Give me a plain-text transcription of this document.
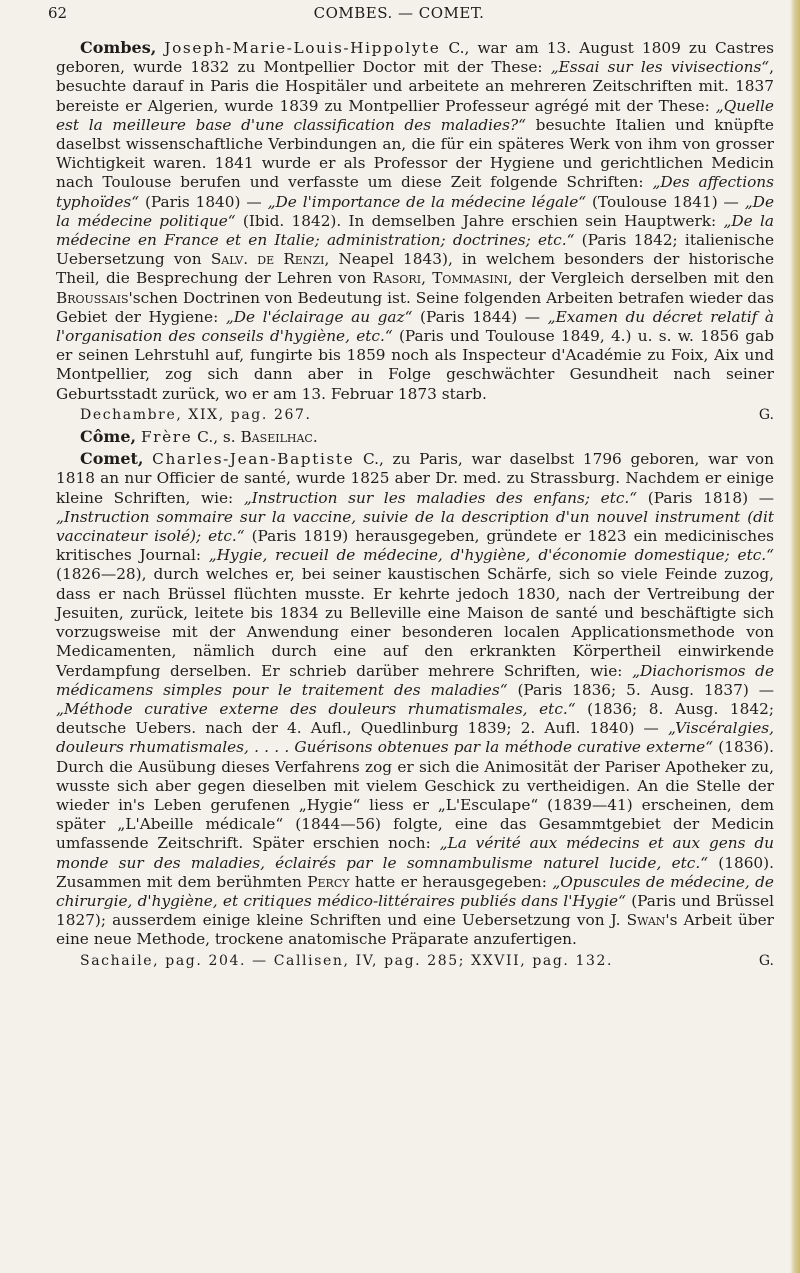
62	COMBES. — COMET.

Combes, Joseph-Marie-Louis-Hippolyte C., war am 13. August 1809 zu Castres geboren, wurde 1832 zu Montpellier Doctor mit der These: „Essai sur les vivisections“, besuchte darauf in Paris die Hospitäler und arbeitete an mehreren Zeitschriften mit. 1837 bereiste er Algerien, wurde 1839 zu Montpellier Professeur agrégé mit der These: „Quelle est la meilleure base d'une classification des maladies?“ besuchte Italien und knüpfte daselbst wissenschaftliche Verbindungen an, die für ein späteres Werk von ihm von grosser Wichtigkeit waren. 1841 wurde er als Professor der Hygiene und gerichtlichen Medicin nach Toulouse berufen und verfasste um diese Zeit folgende Schriften: „Des affections typhoïdes“ (Paris 1840) — „De l'importance de la médecine légale“ (Toulouse 1841) — „De la médecine politique“ (Ibid. 1842). In demselben Jahre erschien sein Hauptwerk: „De la médecine en France et en Italie; administration; doctrines; etc.“ (Paris 1842; italienische Uebersetzung von Salv. de Renzi, Neapel 1843), in welchem besonders der historische Theil, die Besprechung der Lehren von Rasori, Tommasini, der Vergleich derselben mit den Broussais'schen Doctrinen von Bedeutung ist. Seine folgenden Arbeiten betrafen wieder das Gebiet der Hygiene: „De l'éclairage au gaz“ (Paris 1844) — „Examen du décret relatif à l'organisation des conseils d'hygiène, etc.“ (Paris und Toulouse 1849, 4.) u. s. w. 1856 gab er seinen Lehrstuhl auf, fungirte bis 1859 noch als Inspecteur d'Académie zu Foix, Aix und Montpellier, zog sich dann aber in Folge geschwächter Gesundheit nach seiner Geburtsstadt zurück, wo er am 13. Februar 1873 starb.

Dechambre, XIX, pag. 267.	G.

Côme, Frère C., s. Baseilhac.

Comet, Charles-Jean-Baptiste C., zu Paris, war daselbst 1796 geboren, war von 1818 an nur Officier de santé, wurde 1825 aber Dr. med. zu Strassburg. Nachdem er einige kleine Schriften, wie: „Instruction sur les maladies des enfans; etc.“ (Paris 1818) — „Instruction sommaire sur la vaccine, suivie de la description d'un nouvel instrument (dit vaccinateur isolé); etc.“ (Paris 1819) herausgegeben, gründete er 1823 ein medicinisches kritisches Journal: „Hygie, recueil de médecine, d'hygiène, d'économie domestique; etc.“ (1826—28), durch welches er, bei seiner kaustischen Schärfe, sich so viele Feinde zuzog, dass er nach Brüssel flüchten musste. Er kehrte jedoch 1830, nach der Vertreibung der Jesuiten, zurück, leitete bis 1834 zu Belleville eine Maison de santé und beschäftigte sich vorzugsweise mit der Anwendung einer besonderen localen Applicationsmethode von Medicamenten, nämlich durch eine auf den erkrankten Körpertheil einwirkende Verdampfung derselben. Er schrieb darüber mehrere Schriften, wie: „Diachorismos de médicamens simples pour le traitement des maladies“ (Paris 1836; 5. Ausg. 1837) — „Méthode curative externe des douleurs rhumatismales, etc.“ (1836; 8. Ausg. 1842; deutsche Uebers. nach der 4. Aufl., Quedlinburg 1839; 2. Aufl. 1840) — „Viscéralgies, douleurs rhumatismales, . . . . Guérisons obtenues par la méthode curative externe“ (1836). Durch die Ausübung dieses Verfahrens zog er sich die Animosität der Pariser Apotheker zu, wusste sich aber gegen dieselben mit vielem Geschick zu vertheidigen. An die Stelle der wieder in's Leben gerufenen „Hygie“ liess er „L'Esculape“ (1839—41) erscheinen, dem später „L'Abeille médicale“ (1844—56) folgte, eine das Gesammtgebiet der Medicin umfassende Zeitschrift. Später erschien noch: „La vérité aux médecins et aux gens du monde sur des maladies, éclairés par le somnambulisme naturel lucide, etc.“ (1860). Zusammen mit dem berühmten Percy hatte er herausgegeben: „Opuscules de médecine, de chirurgie, d'hygiène, et critiques médico-littéraires publiés dans l'Hygie“ (Paris und Brüssel 1827); ausserdem einige kleine Schriften und eine Uebersetzung von J. Swan's Arbeit über eine neue Methode, trockene anatomische Präparate anzufertigen.

Sachaile, pag. 204. — Callisen, IV, pag. 285; XXVII, pag. 132.	G.
